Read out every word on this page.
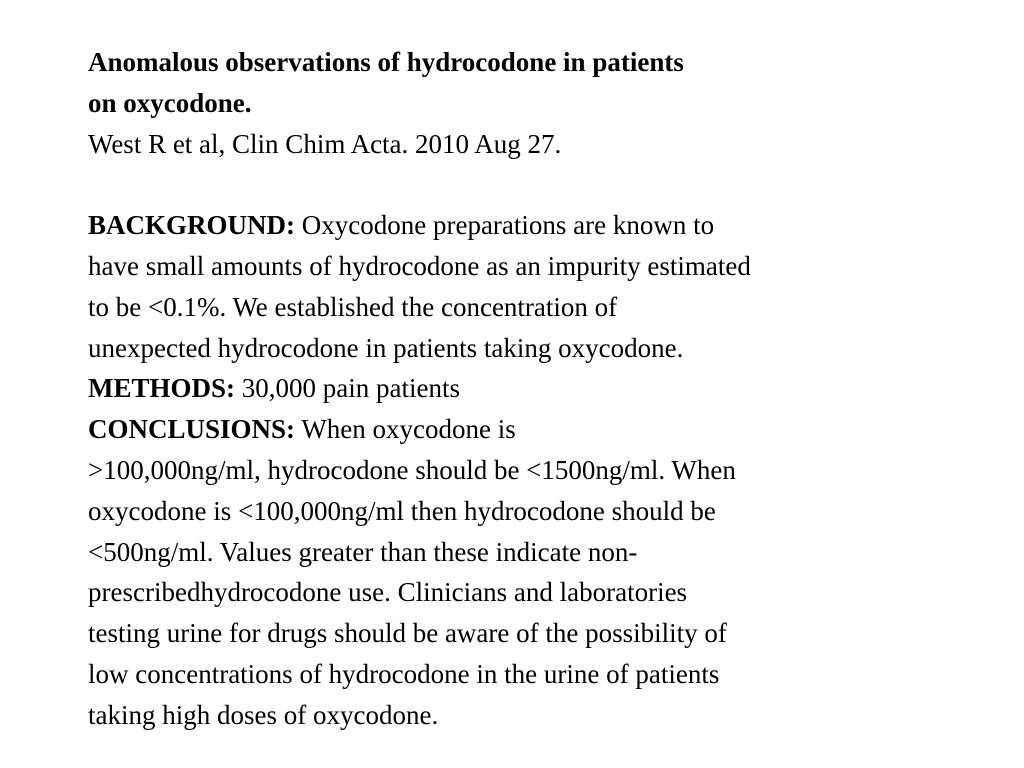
Anomalous observations of hydrocodone in patients
on oxycodone.
West R et al, Clin Chim Acta. 2010 Aug 27.
BACKGROUND: Oxycodone preparations are known to
have small amounts of hydrocodone as an impurity estimated
to be <0.1%. We established the concentration of
unexpected hydrocodone in patients taking oxycodone.
METHODS: 30,000 pain patients
CONCLUSIONS: When oxycodone is
>100,000ng/ml, hydrocodone should be <1500ng/ml. When
oxycodone is <100,000ng/ml then hydrocodone should be
<500ng/ml. Values greater than these indicate non-
prescribedhydrocodone use. Clinicians and laboratories
testing urine for drugs should be aware of the possibility of
low concentrations of hydrocodone in the urine of patients
taking high doses of oxycodone.
